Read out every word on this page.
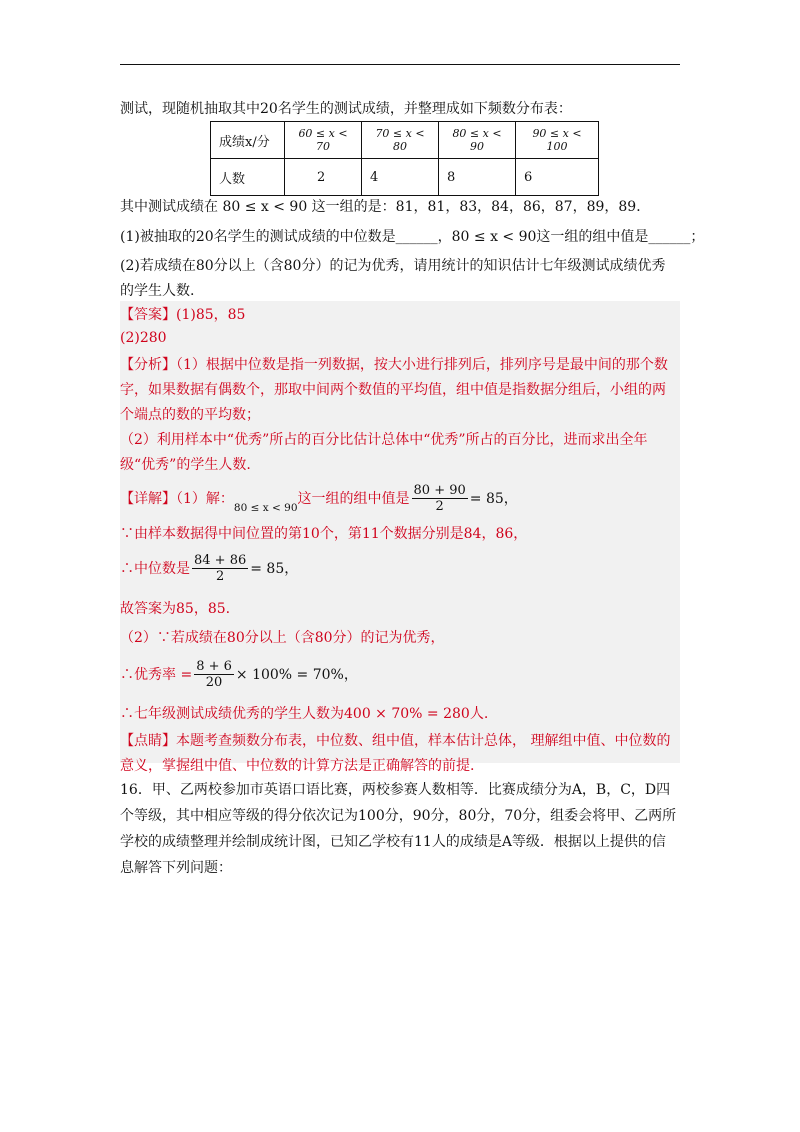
测试，现随机抽取其中20名学生的测试成绩，并整理成如下频数分布表：
成绩x/分	60 ≤ x < 70	70 ≤ x < 80	80 ≤ x < 90	90 ≤ x < 100
人数	2	4	8	6
其中测试成绩在 80 ≤ x < 90 这一组的是：81，81，83，84，86，87，89，89．
(1)被抽取的20名学生的测试成绩的中位数是______，80 ≤ x < 90这一组的组中值是______；
(2)若成绩在80分以上（含80分）的记为优秀，请用统计的知识估计七年级测试成绩优秀
的学生人数.
【答案】(1)85，85
(2)280
【分析】（1）根据中位数是指一列数据，按大小进行排列后，排列序号是最中间的那个数
字，如果数据有偶数个，那取中间两个数值的平均值，组中值是指数据分组后，小组的两
个端点的数的平均数；
（2）利用样本中“优秀”所占的百分比估计总体中“优秀”所占的百分比，进而求出全年
级“优秀”的学生人数.
【详解】（1）解：$_{80 \le x < 90}$这一组的组中值是 $\frac{80 + 90}{2} = 85$，
∵由样本数据得中间位置的第10个，第11个数据分别是84，86，
∴中位数是 $\frac{84 + 86}{2} = 85$，
故答案为85，85.
（2）∵若成绩在80分以上（含80分）的记为优秀，
∴优秀率 = $\frac{8 + 6}{20} \times 100\% = 70\%$，
∴七年级测试成绩优秀的学生人数为400 × 70% = 280人.
【点睛】本题考查频数分布表，中位数、组中值，样本估计总体， 理解组中值、中位数的
意义，掌握组中值、中位数的计算方法是正确解答的前提.
16．甲、乙两校参加市英语口语比赛，两校参赛人数相等．比赛成绩分为A，B，C，D四
个等级，其中相应等级的得分依次记为100分，90分，80分，70分，组委会将甲、乙两所
学校的成绩整理并绘制成统计图，已知乙学校有11人的成绩是A等级．根据以上提供的信
息解答下列问题：
